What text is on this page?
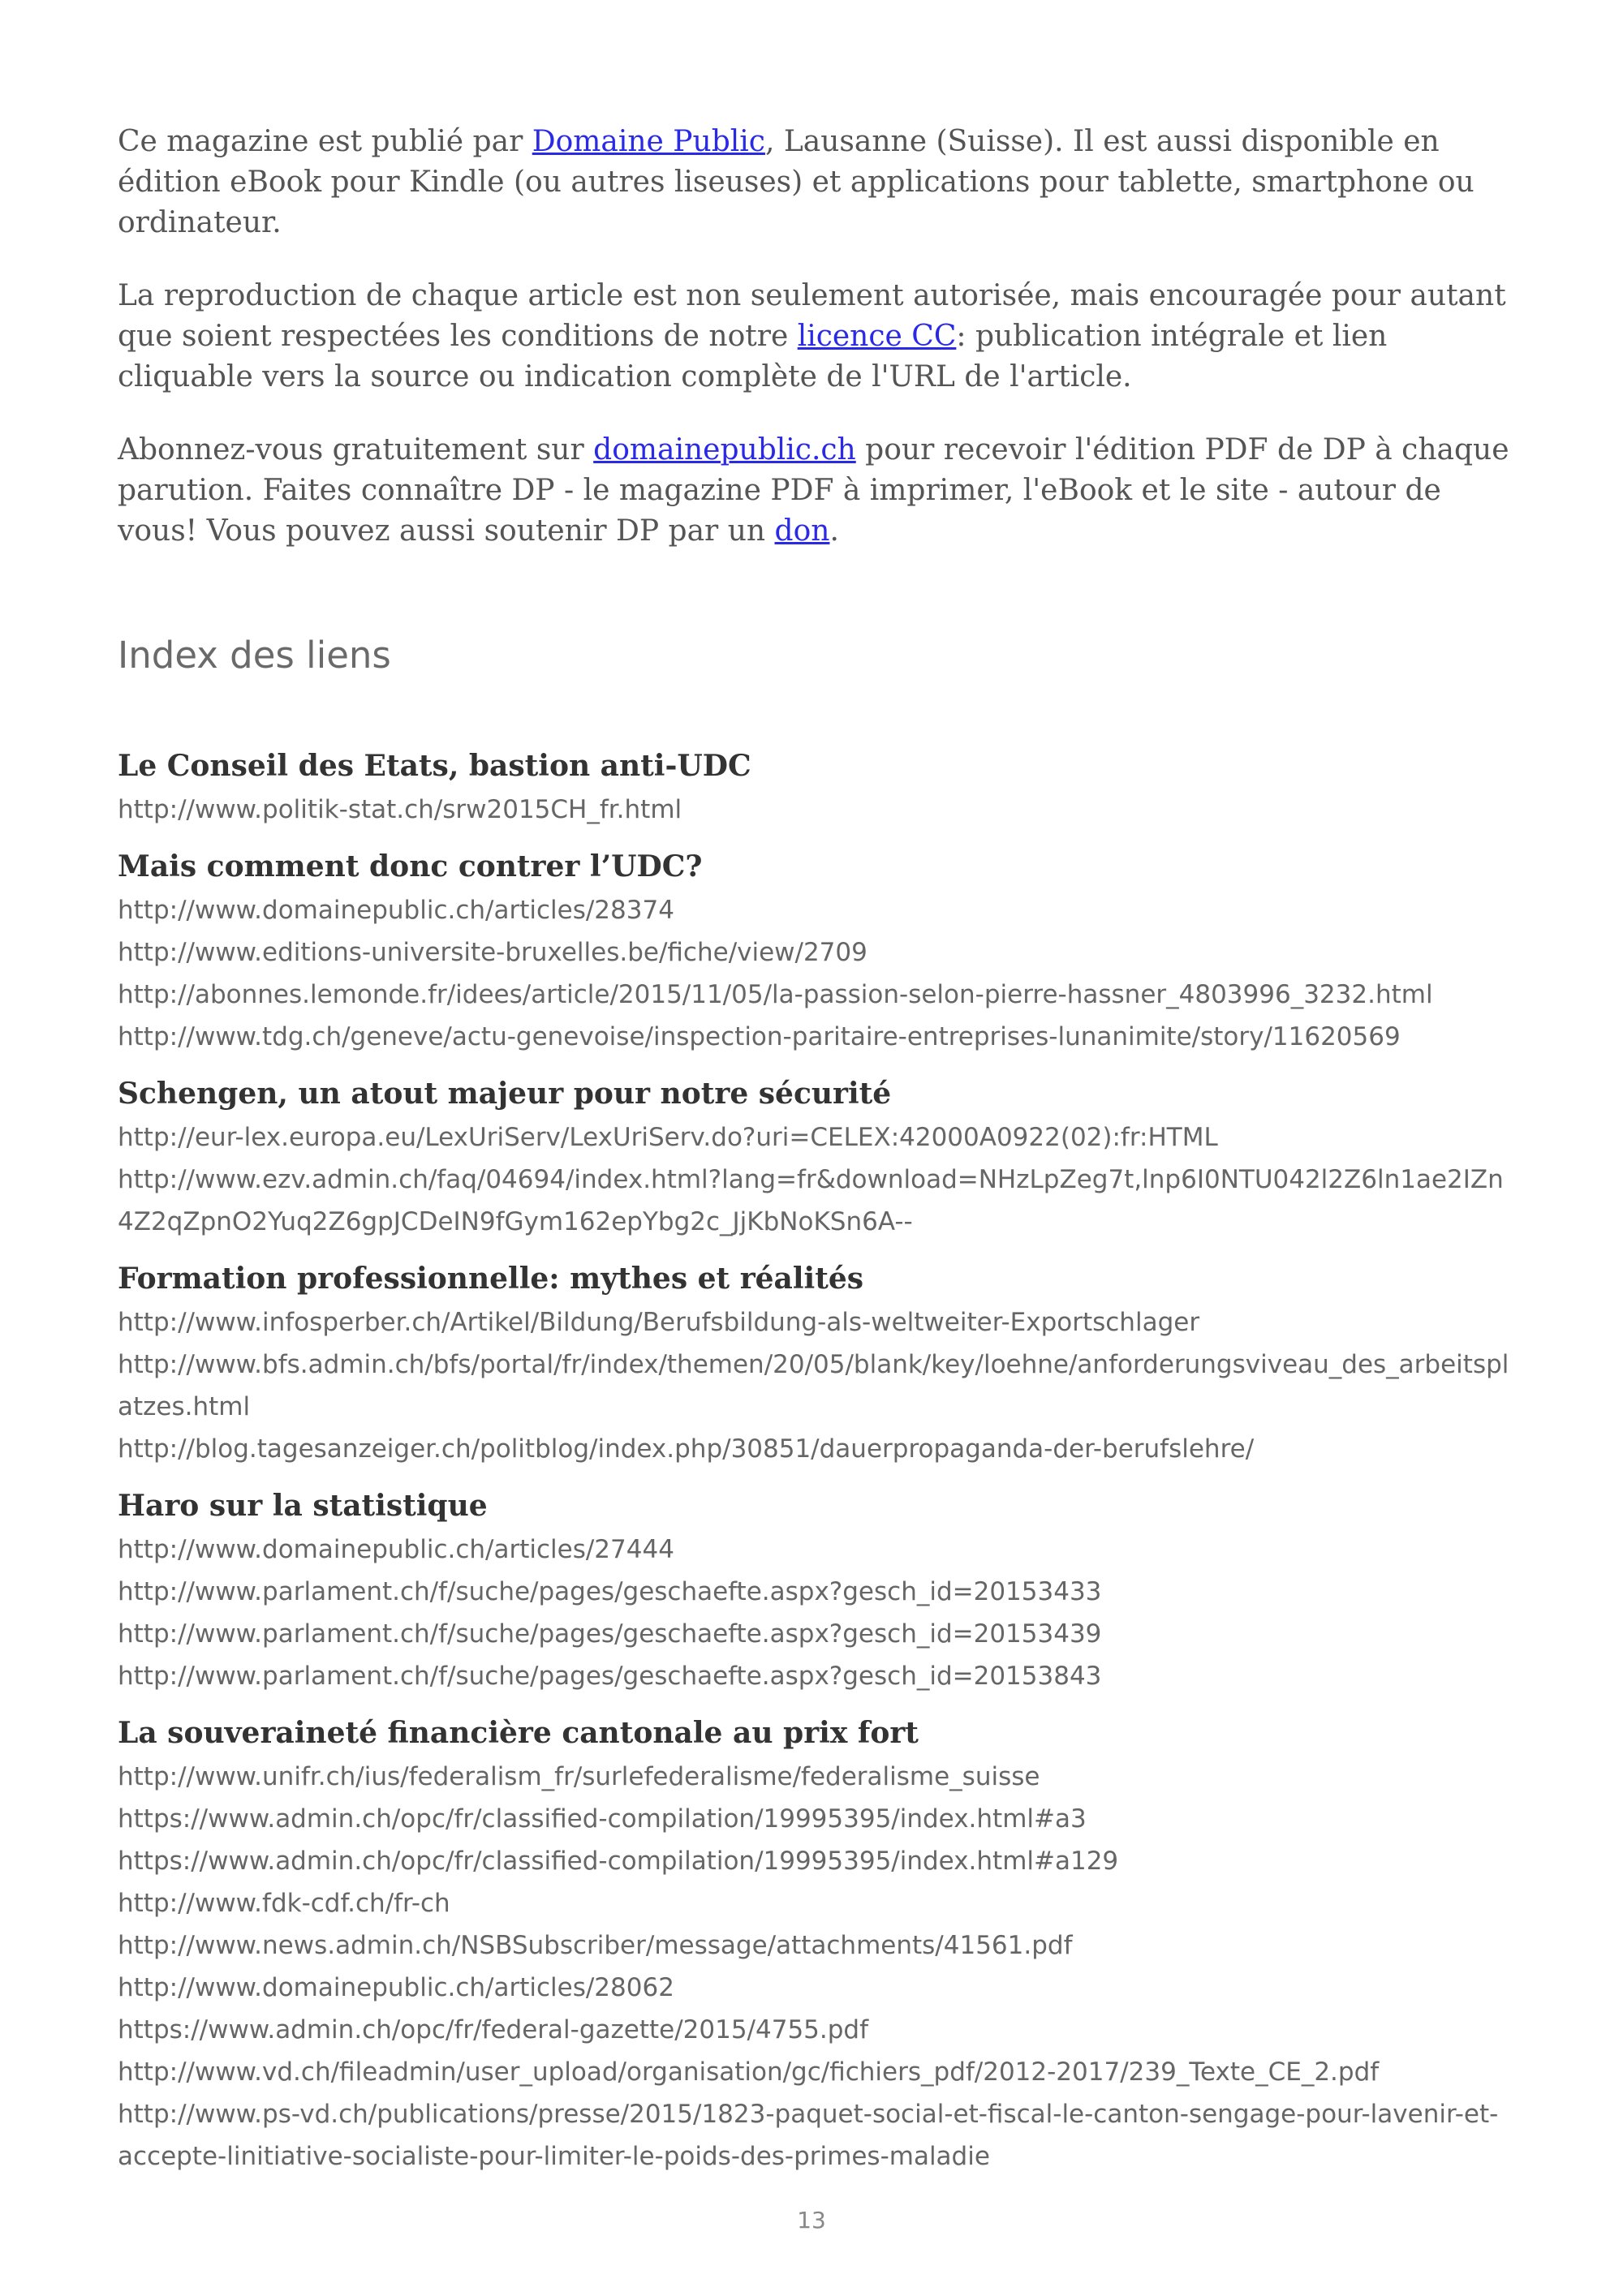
Ce magazine est publié par Domaine Public, Lausanne (Suisse). Il est aussi disponible en édition eBook pour Kindle (ou autres liseuses) et applications pour tablette, smartphone ou ordinateur.

La reproduction de chaque article est non seulement autorisée, mais encouragée pour autant que soient respectées les conditions de notre licence CC: publication intégrale et lien cliquable vers la source ou indication complète de l'URL de l'article.

Abonnez-vous gratuitement sur domainepublic.ch pour recevoir l'édition PDF de DP à chaque parution. Faites connaître DP - le magazine PDF à imprimer, l'eBook et le site - autour de vous! Vous pouvez aussi soutenir DP par un don.

Index des liens
Le Conseil des Etats, bastion anti-UDC
http://www.politik-stat.ch/srw2015CH_fr.html
Mais comment donc contrer l’UDC?
http://www.domainepublic.ch/articles/28374
http://www.editions-universite-bruxelles.be/fiche/view/2709
http://abonnes.lemonde.fr/idees/article/2015/11/05/la-passion-selon-pierre-hassner_4803996_3232.html
http://www.tdg.ch/geneve/actu-genevoise/inspection-paritaire-entreprises-lunanimite/story/11620569
Schengen, un atout majeur pour notre sécurité
http://eur-lex.europa.eu/LexUriServ/LexUriServ.do?uri=CELEX:42000A0922(02):fr:HTML
http://www.ezv.admin.ch/faq/04694/index.html?lang=fr&download=NHzLpZeg7t,lnp6I0NTU042l2Z6ln1ae2IZn4Z2qZpnO2Yuq2Z6gpJCDeIN9fGym162epYbg2c_JjKbNoKSn6A--
Formation professionnelle: mythes et réalités
http://www.infosperber.ch/Artikel/Bildung/Berufsbildung-als-weltweiter-Exportschlager
http://www.bfs.admin.ch/bfs/portal/fr/index/themen/20/05/blank/key/loehne/anforderungsviveau_des_arbeitsplatzes.html
http://blog.tagesanzeiger.ch/politblog/index.php/30851/dauerpropaganda-der-berufslehre/
Haro sur la statistique
http://www.domainepublic.ch/articles/27444
http://www.parlament.ch/f/suche/pages/geschaefte.aspx?gesch_id=20153433
http://www.parlament.ch/f/suche/pages/geschaefte.aspx?gesch_id=20153439
http://www.parlament.ch/f/suche/pages/geschaefte.aspx?gesch_id=20153843
La souveraineté financière cantonale au prix fort
http://www.unifr.ch/ius/federalism_fr/surlefederalisme/federalisme_suisse
https://www.admin.ch/opc/fr/classified-compilation/19995395/index.html#a3
https://www.admin.ch/opc/fr/classified-compilation/19995395/index.html#a129
http://www.fdk-cdf.ch/fr-ch
http://www.news.admin.ch/NSBSubscriber/message/attachments/41561.pdf
http://www.domainepublic.ch/articles/28062
https://www.admin.ch/opc/fr/federal-gazette/2015/4755.pdf
http://www.vd.ch/fileadmin/user_upload/organisation/gc/fichiers_pdf/2012-2017/239_Texte_CE_2.pdf
http://www.ps-vd.ch/publications/presse/2015/1823-paquet-social-et-fiscal-le-canton-sengage-pour-lavenir-et-accepte-linitiative-socialiste-pour-limiter-le-poids-des-primes-maladie
13
